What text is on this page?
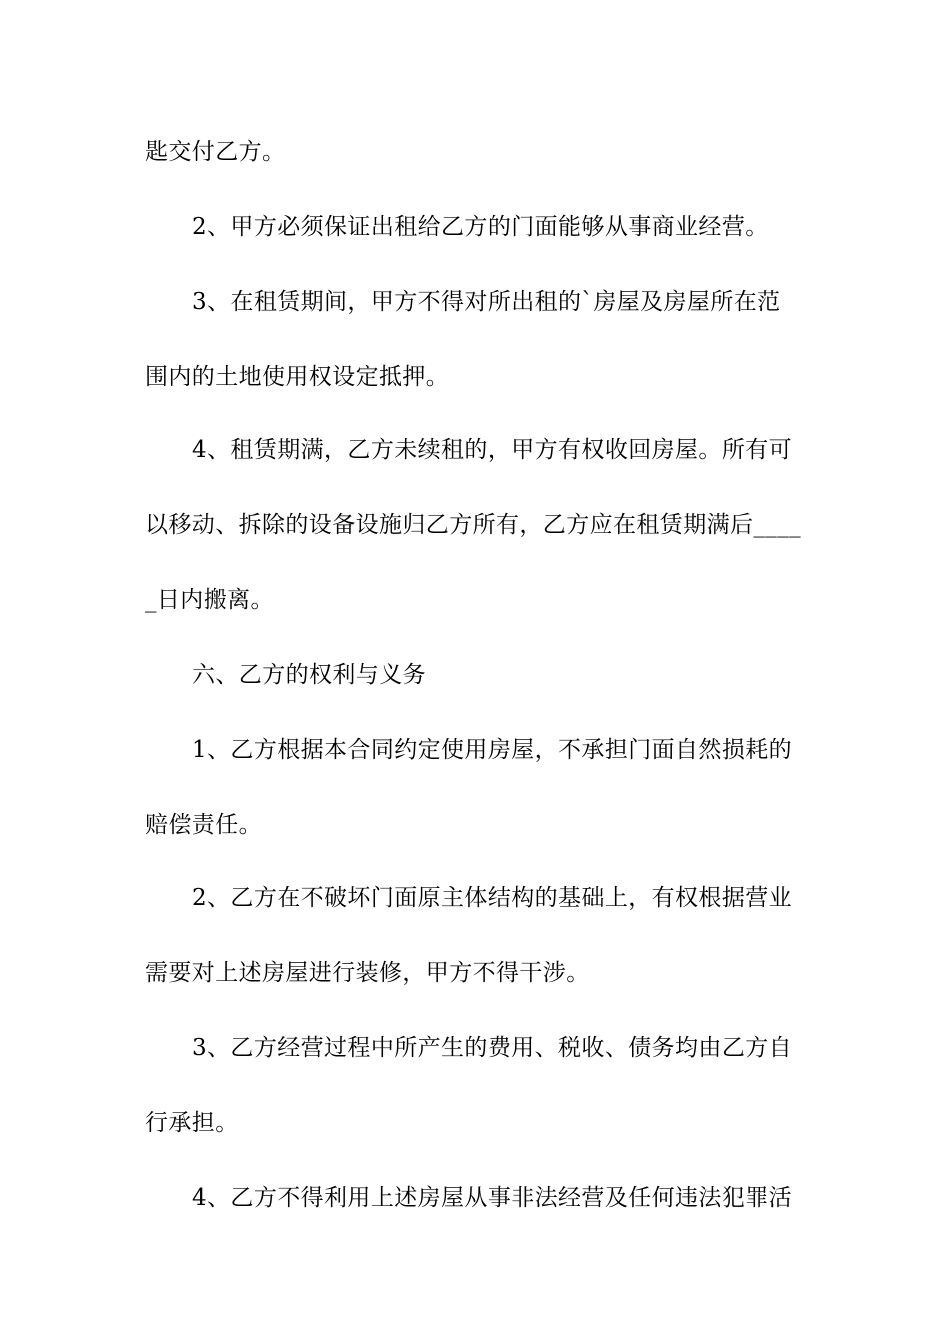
匙交付乙方。
2、甲方必须保证出租给乙方的门面能够从事商业经营。
3、在租赁期间，甲方不得对所出租的`房屋及房屋所在范
围内的土地使用权设定抵押。
4、租赁期满，乙方未续租的，甲方有权收回房屋。所有可
以移动、拆除的设备设施归乙方所有，乙方应在租赁期满后____
_日内搬离。
六、乙方的权利与义务
1、乙方根据本合同约定使用房屋，不承担门面自然损耗的
赔偿责任。
2、乙方在不破坏门面原主体结构的基础上，有权根据营业
需要对上述房屋进行装修，甲方不得干涉。
3、乙方经营过程中所产生的费用、税收、债务均由乙方自
行承担。
4、乙方不得利用上述房屋从事非法经营及任何违法犯罪活
